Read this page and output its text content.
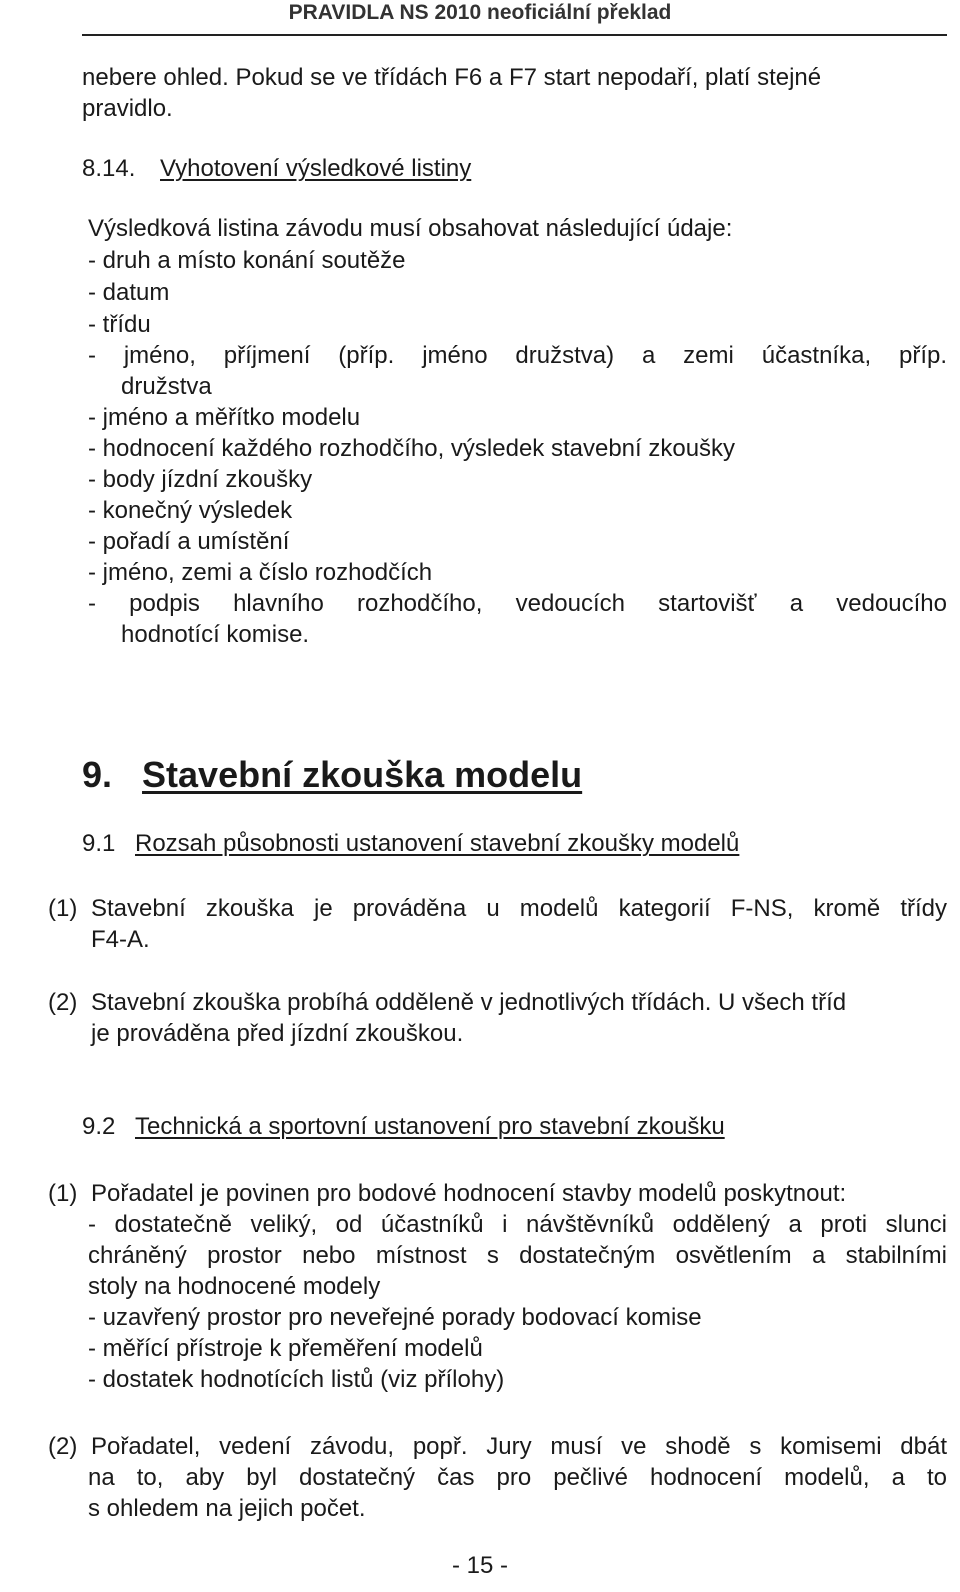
PRAVIDLA NS 2010 neoficiální překlad
nebere ohled. Pokud se ve třídách F6 a F7 start nepodaří, platí stejné
pravidlo.
8.14. Vyhotovení výsledkové listiny
Výsledková listina závodu musí obsahovat následující údaje:
- druh a místo konání soutěže
- datum
- třídu
- jméno, příjmení (příp. jméno družstva) a zemi účastníka, příp.
družstva
- jméno a měřítko modelu
- hodnocení každého rozhodčího, výsledek stavební zkoušky
- body jízdní zkoušky
- konečný výsledek
- pořadí a umístění
- jméno, zemi a číslo rozhodčích
- podpis hlavního rozhodčího, vedoucích startovišť a vedoucího
hodnotící komise.
9. Stavební zkouška modelu
9.1 Rozsah působnosti ustanovení stavební zkoušky modelů
(1) Stavební zkouška je prováděna u modelů kategorií F-NS, kromě třídy
F4-A.
(2) Stavební zkouška probíhá odděleně v jednotlivých třídách. U všech tříd
je prováděna před jízdní zkouškou.
9.2 Technická a sportovní ustanovení pro stavební zkoušku
(1) Pořadatel je povinen pro bodové hodnocení stavby modelů poskytnout:
- dostatečně veliký, od účastníků i návštěvníků oddělený a proti slunci
chráněný prostor nebo místnost s dostatečným osvětlením a stabilními
stoly na hodnocené modely
- uzavřený prostor pro neveřejné porady bodovací komise
- měřící přístroje k přeměření modelů
- dostatek hodnotících listů (viz přílohy)
(2) Pořadatel, vedení závodu, popř. Jury musí ve shodě s komisemi dbát
na to, aby byl dostatečný čas pro pečlivé hodnocení modelů, a to
s ohledem na jejich počet.
- 15 -
